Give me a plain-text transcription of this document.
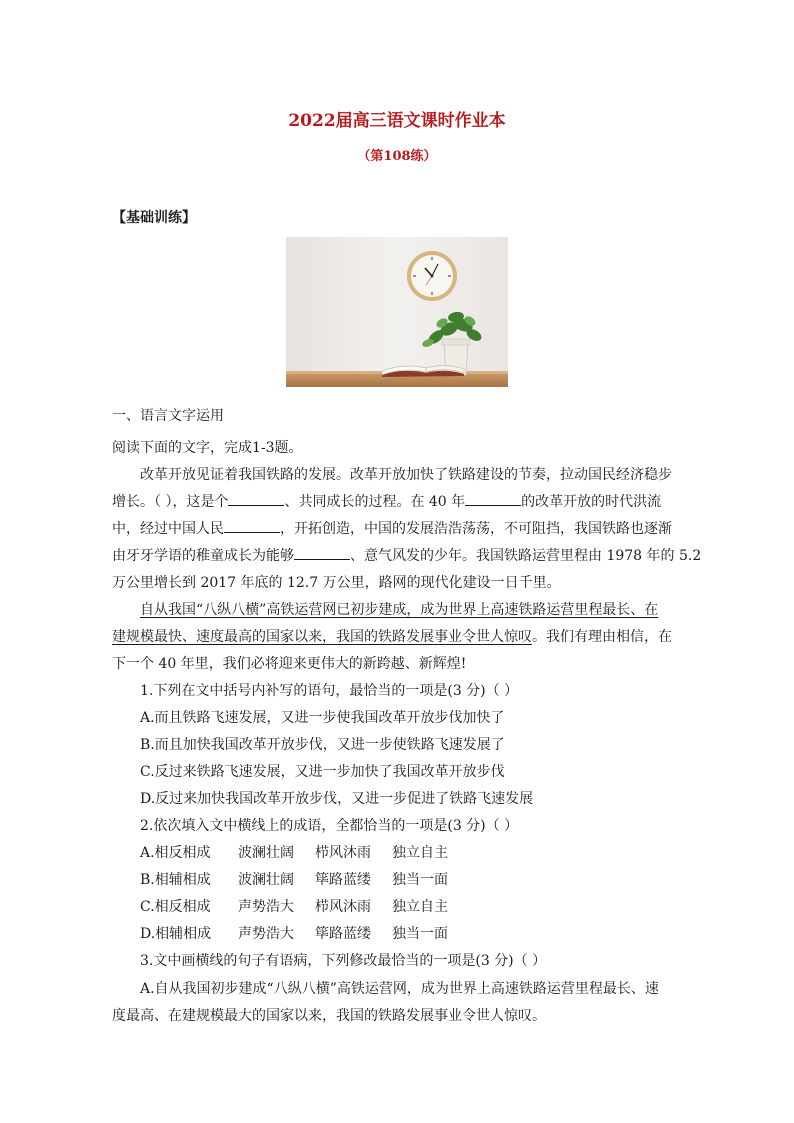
2022届高三语文课时作业本
（第108练）
【基础训练】
一、语言文字运用
阅读下面的文字，完成1-3题。
改革开放见证着我国铁路的发展。改革开放加快了铁路建设的节奏，拉动国民经济稳步
增长。（ ），这是个	、共同成长的过程。在 40 年	的改革开放的时代洪流
中，经过中国人民	，开拓创造，中国的发展浩浩荡荡，不可阻挡，我国铁路也逐渐
由牙牙学语的稚童成长为能够	、意气风发的少年。我国铁路运营里程由 1978 年的 5.2
万公里增长到 2017 年底的 12.7 万公里，路网的现代化建设一日千里。
自从我国“八纵八横”高铁运营网已初步建成，成为世界上高速铁路运营里程最长、在
建规模最快、速度最高的国家以来，我国的铁路发展事业令世人惊叹。我们有理由相信，在
下一个 40 年里，我们必将迎来更伟大的新跨越、新辉煌!
1.下列在文中括号内补写的语句，最恰当的一项是(3 分)（ ）
A.而且铁路飞速发展，又进一步使我国改革开放步伐加快了
B.而且加快我国改革开放步伐，又进一步使铁路飞速发展了
C.反过来铁路飞速发展，又进一步加快了我国改革开放步伐
D.反过来加快我国改革开放步伐，又进一步促进了铁路飞速发展
2.依次填入文中横线上的成语，全都恰当的一项是(3 分)（ ）
A.相反相成 波澜壮阔 栉风沐雨 独立自主
B.相辅相成 波澜壮阔 筚路蓝缕 独当一面
C.相反相成 声势浩大 栉风沐雨 独立自主
D.相辅相成 声势浩大 筚路蓝缕 独当一面
3.文中画横线的句子有语病，下列修改最恰当的一项是(3 分)（ ）
A.自从我国初步建成“八纵八横”高铁运营网，成为世界上高速铁路运营里程最长、速
度最高、在建规模最大的国家以来，我国的铁路发展事业令世人惊叹。
